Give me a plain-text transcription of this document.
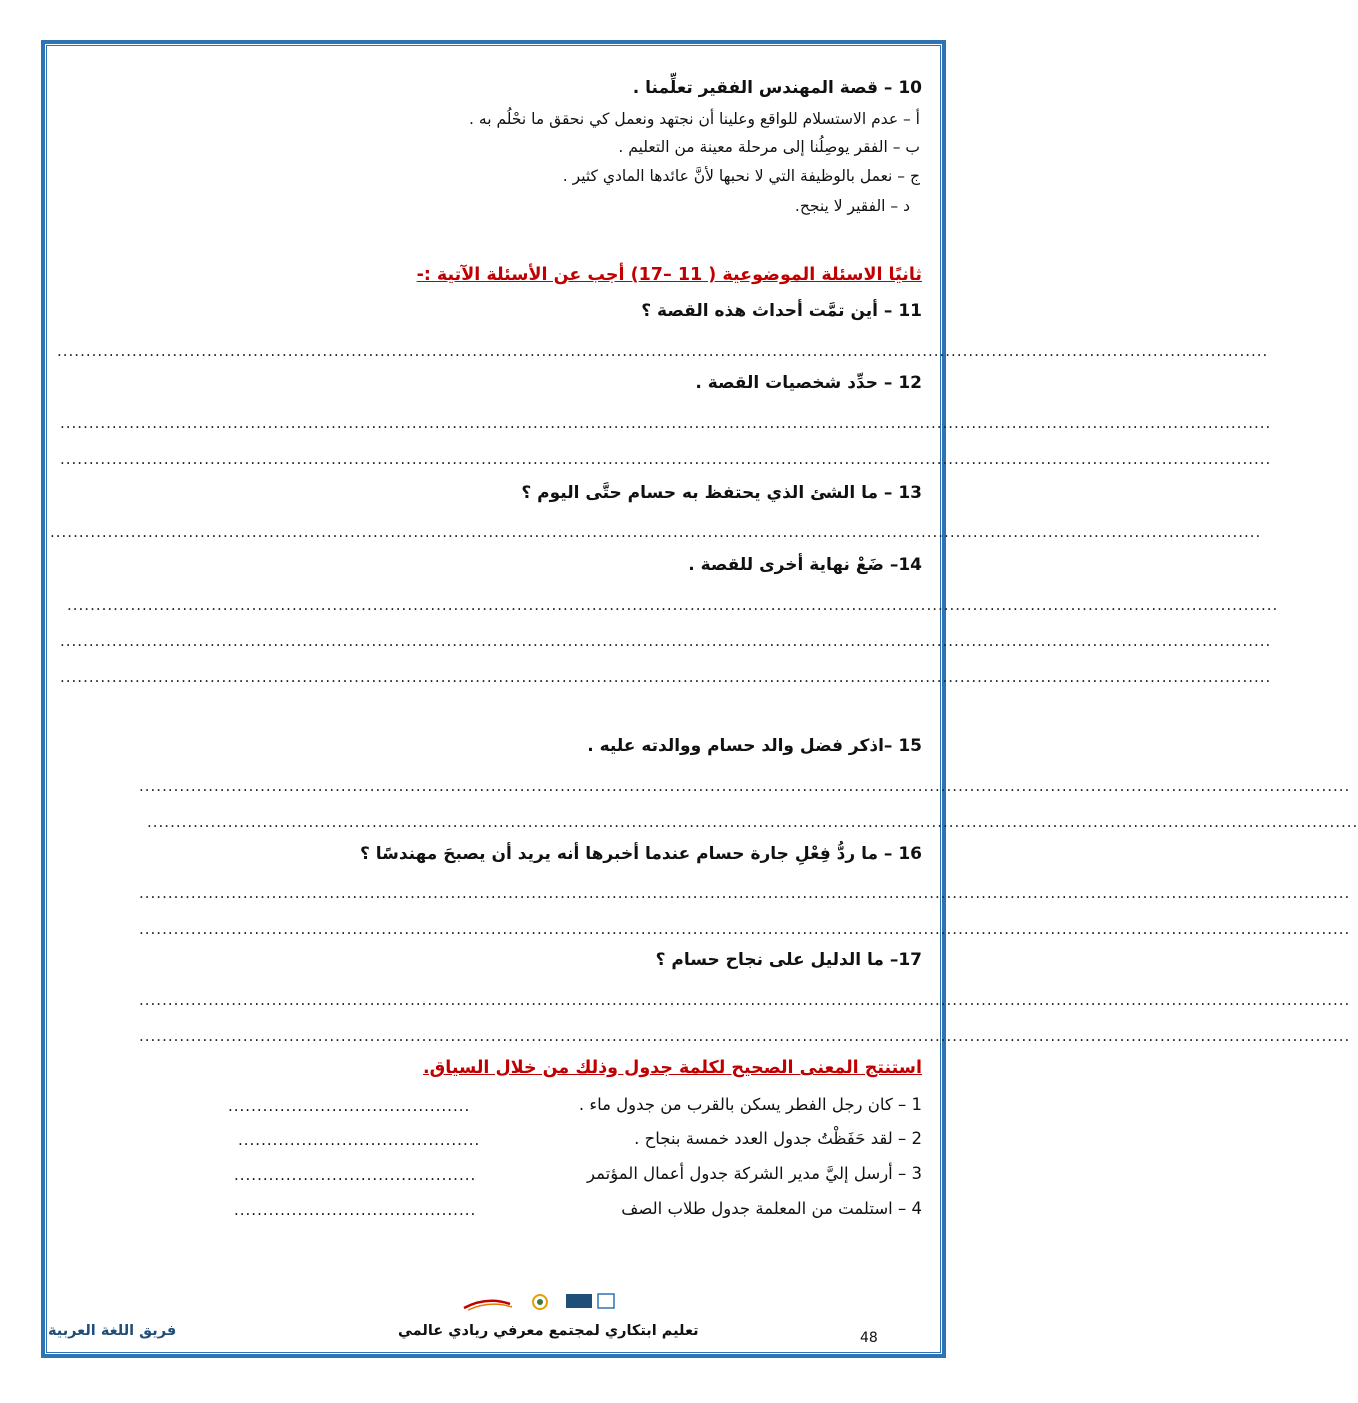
10 – قصة المهندس الفقير تعلِّمنا .
أ – عدم الاستسلام للواقع وعلينا أن نجتهد ونعمل كي نحقق ما نحْلُم به .
ب – الفقر يوصِلُنا إلى مرحلة معينة من التعليم .
ج – نعمل بالوظيفة التي لا نحبها لأنَّ عائدها المادي كثير .
د – الفقير لا ينجح.
ثانيًا الاسئلة الموضوعية ( 11 –17) أجب عن الأسئلة الآتية :-
11 – أين تمَّت أحداث هذه القصة ؟
..................................................................................................................................................................................................................
12 – حدِّد شخصيات القصة .
..................................................................................................................................................................................................................
..................................................................................................................................................................................................................
13 – ما الشئ الذي يحتفظ به حسام حتَّى اليوم ؟
..................................................................................................................................................................................................................
14– ضَعْ نهاية أخرى للقصة .
..................................................................................................................................................................................................................
..................................................................................................................................................................................................................
..................................................................................................................................................................................................................
15 –اذكر فضل والد حسام ووالدته عليه .
..................................................................................................................................................................................................................
..................................................................................................................................................................................................................
16 – ما ردُّ فِعْلِ جارة حسام عندما أخبرها أنه يريد أن يصبحَ مهندسًا ؟
..................................................................................................................................................................................................................
..................................................................................................................................................................................................................
17– ما الدليل على نجاح حسام ؟
..................................................................................................................................................................................................................
..................................................................................................................................................................................................................
استنتج المعنى الصحيح لكلمة جدول وذلك من خلال السياق.
1 – كان رجل الفطر يسكن بالقرب من جدول ماء .
..........................................
2 – لقد حَفَظْتُ جدول العدد خمسة بنجاح .
..........................................
3 – أرسل إليَّ مدير الشركة جدول أعمال المؤتمر
..........................................
4 – استلمت من المعلمة جدول طلاب الصف
..........................................
تعليم ابتكاري لمجتمع معرفي ريادي عالمي
فريق اللغة العربية	48
